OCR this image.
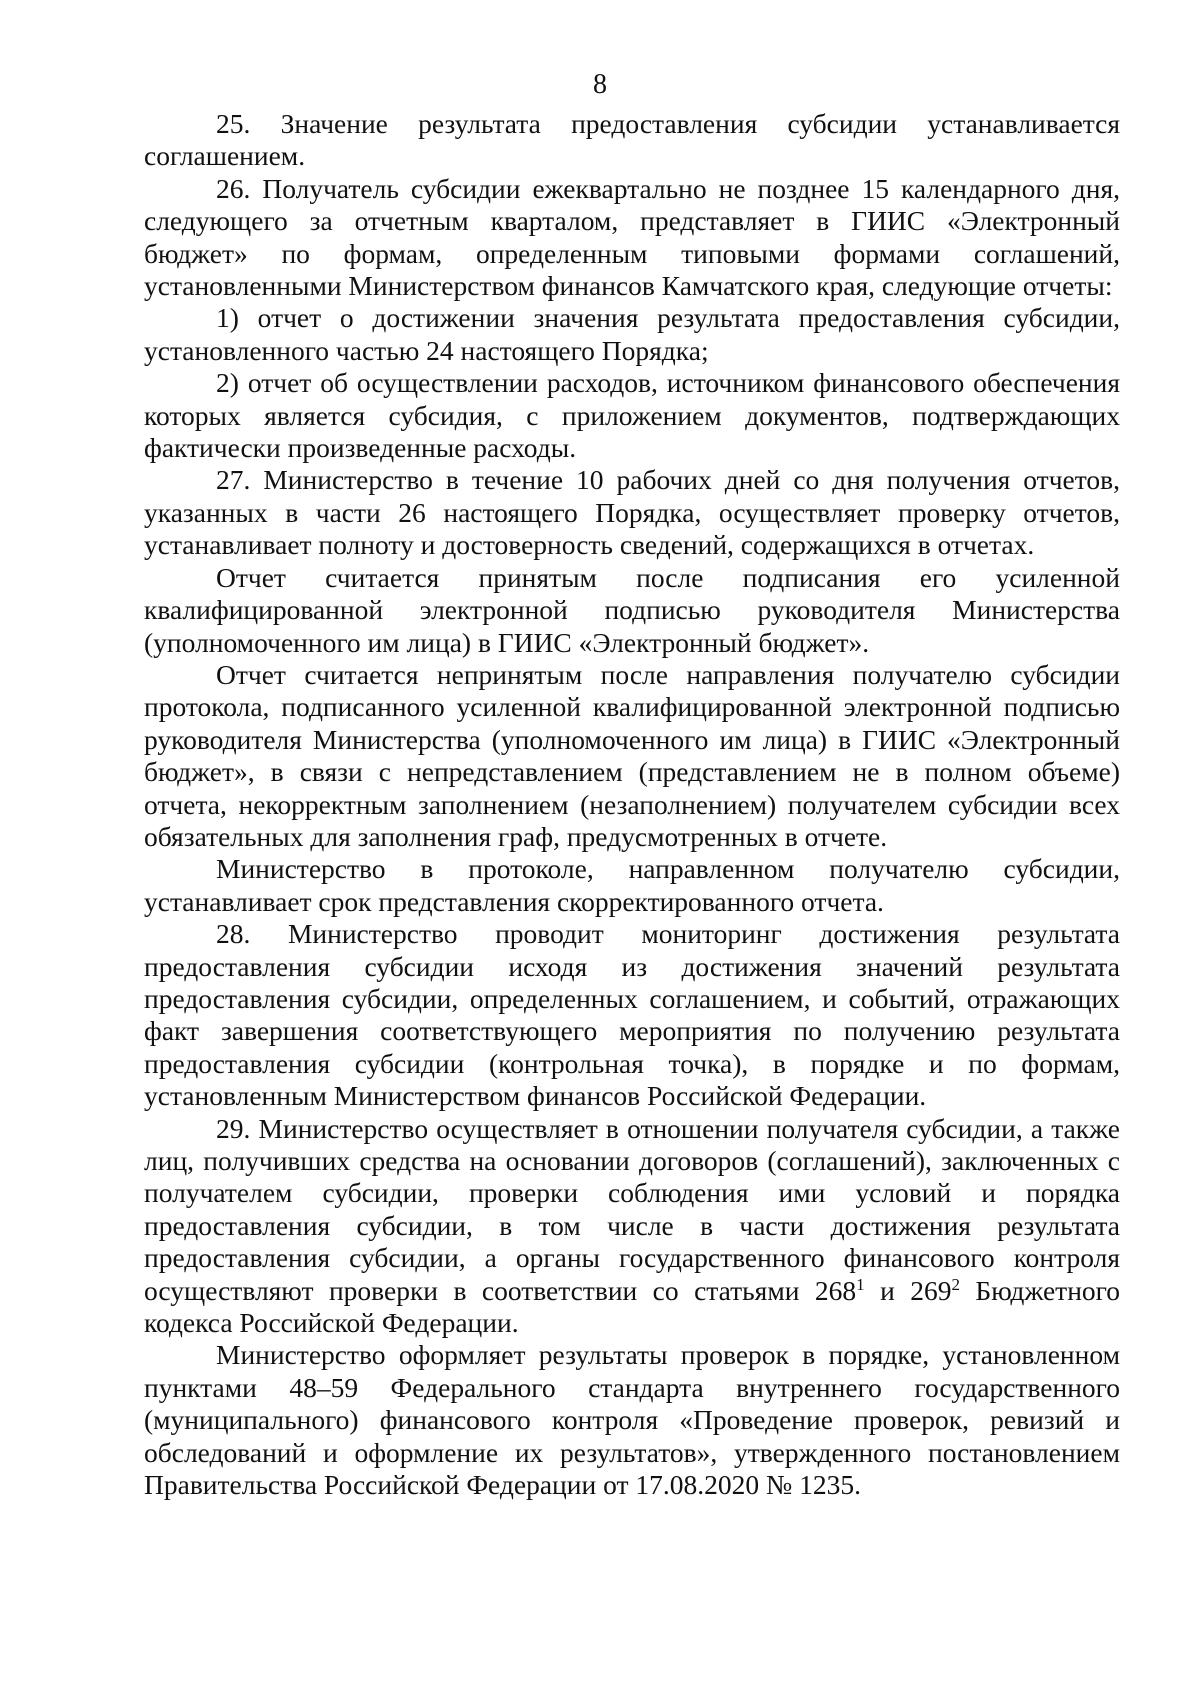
8

25. Значение результата предоставления субсидии устанавливается соглашением.

26. Получатель субсидии ежеквартально не позднее 15 календарного дня, следующего за отчетным кварталом, представляет в ГИИС «Электронный бюджет» по формам, определенным типовыми формами соглашений, установленными Министерством финансов Камчатского края, следующие отчеты:

1) отчет о достижении значения результата предоставления субсидии, установленного частью 24 настоящего Порядка;

2) отчет об осуществлении расходов, источником финансового обеспечения которых является субсидия, с приложением документов, подтверждающих фактически произведенные расходы.

27. Министерство в течение 10 рабочих дней со дня получения отчетов, указанных в части 26 настоящего Порядка, осуществляет проверку отчетов, устанавливает полноту и достоверность сведений, содержащихся в отчетах.

Отчет считается принятым после подписания его усиленной квалифицированной электронной подписью руководителя Министерства (уполномоченного им лица) в ГИИС «Электронный бюджет».

Отчет считается непринятым после направления получателю субсидии протокола, подписанного усиленной квалифицированной электронной подписью руководителя Министерства (уполномоченного им лица) в ГИИС «Электронный бюджет», в связи с непредставлением (представлением не в полном объеме) отчета, некорректным заполнением (незаполнением) получателем субсидии всех обязательных для заполнения граф, предусмотренных в отчете.

Министерство в протоколе, направленном получателю субсидии, устанавливает срок представления скорректированного отчета.

28. Министерство проводит мониторинг достижения результата предоставления субсидии исходя из достижения значений результата предоставления субсидии, определенных соглашением, и событий, отражающих факт завершения соответствующего мероприятия по получению результата предоставления субсидии (контрольная точка), в порядке и по формам, установленным Министерством финансов Российской Федерации.

29. Министерство осуществляет в отношении получателя субсидии, а также лиц, получивших средства на основании договоров (соглашений), заключенных с получателем субсидии, проверки соблюдения ими условий и порядка предоставления субсидии, в том числе в части достижения результата предоставления субсидии, а органы государственного финансового контроля осуществляют проверки в соответствии со статьями $268^1$ и $269^2$ Бюджетного кодекса Российской Федерации.

Министерство оформляет результаты проверок в порядке, установленном пунктами 48–59 Федерального стандарта внутреннего государственного (муниципального) финансового контроля «Проведение проверок, ревизий и обследований и оформление их результатов», утвержденного постановлением Правительства Российской Федерации от 17.08.2020 № 1235.
